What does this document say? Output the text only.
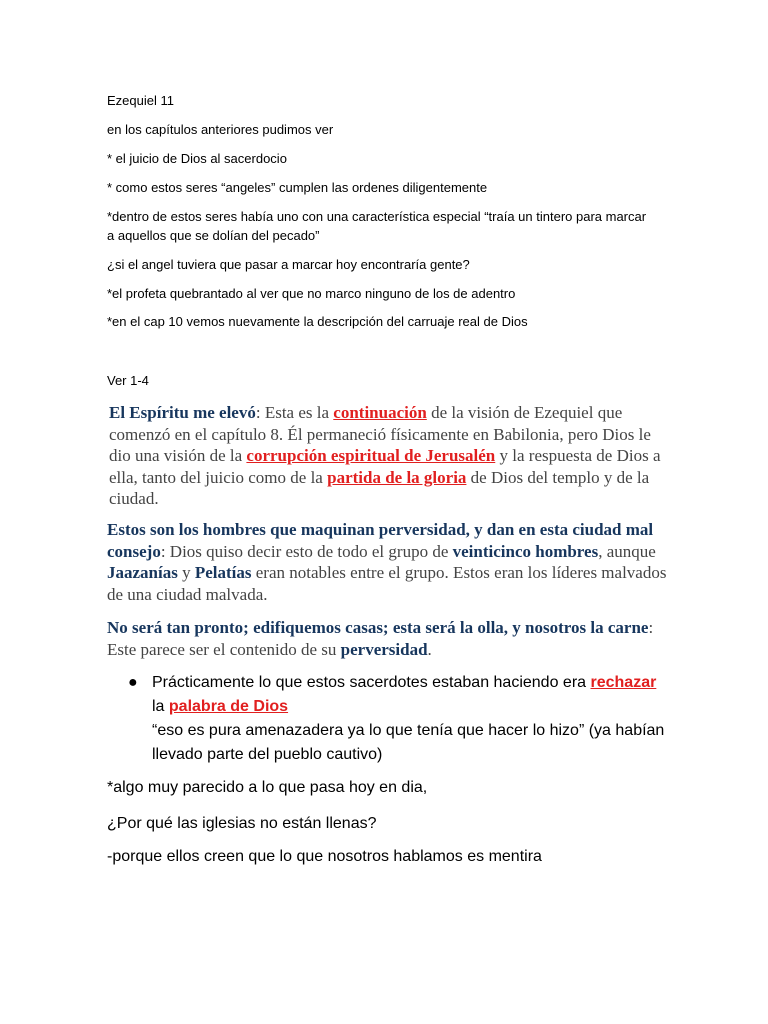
Ezequiel 11
en los capítulos anteriores pudimos ver
* el juicio de Dios al sacerdocio
* como estos seres “angeles” cumplen las ordenes diligentemente
*dentro de estos seres había uno con una característica especial “traía un tintero para marcar a aquellos que se dolían del pecado”
¿si el angel tuviera que pasar a marcar hoy encontraría gente?
*el profeta quebrantado al ver que no marco ninguno de los de adentro
*en el cap 10 vemos nuevamente la descripción del carruaje real de Dios
Ver 1-4
El Espíritu me elevó: Esta es la continuación de la visión de Ezequiel que comenzó en el capítulo 8. Él permaneció físicamente en Babilonia, pero Dios le dio una visión de la corrupción espiritual de Jerusalén y la respuesta de Dios a ella, tanto del juicio como de la partida de la gloria de Dios del templo y de la ciudad.
Estos son los hombres que maquinan perversidad, y dan en esta ciudad mal consejo: Dios quiso decir esto de todo el grupo de veinticinco hombres, aunque Jaazanías y Pelatías eran notables entre el grupo. Estos eran los líderes malvados de una ciudad malvada.
No será tan pronto; edifiquemos casas; esta será la olla, y nosotros la carne: Este parece ser el contenido de su perversidad.
● Prácticamente lo que estos sacerdotes estaban haciendo era rechazar la palabra de Dios
“eso es pura amenazadera ya lo que tenía que hacer lo hizo” (ya habían llevado parte del pueblo cautivo)
*algo muy parecido a lo que pasa hoy en dia,
¿Por qué las iglesias no están llenas?
-porque ellos creen que lo que nosotros hablamos es mentira
